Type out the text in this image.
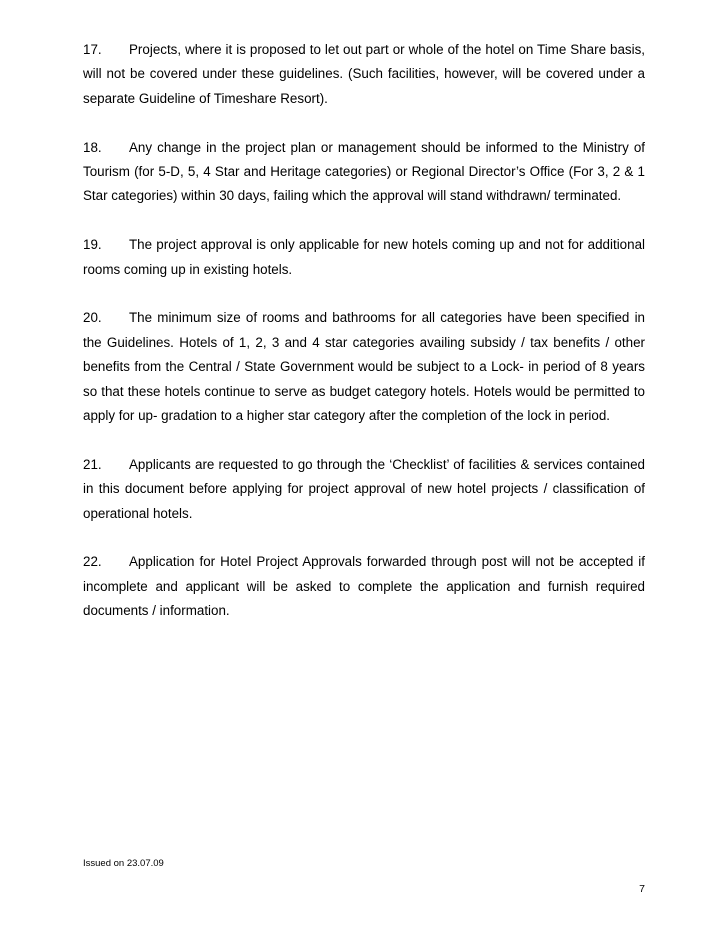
17. Projects, where it is proposed to let out part or whole of the hotel on Time Share basis, will not be covered under these guidelines. (Such facilities, however, will be covered under a separate Guideline of Timeshare Resort).

18. Any change in the project plan or management should be informed to the Ministry of Tourism (for 5-D, 5, 4 Star and Heritage categories) or Regional Director’s Office (For 3, 2 & 1 Star categories) within 30 days, failing which the approval will stand withdrawn/ terminated.

19. The project approval is only applicable for new hotels coming up and not for additional rooms coming up in existing hotels.

20. The minimum size of rooms and bathrooms for all categories have been specified in the Guidelines. Hotels of 1, 2, 3 and 4 star categories availing subsidy / tax benefits / other benefits from the Central / State Government would be subject to a Lock- in period of 8 years so that these hotels continue to serve as budget category hotels. Hotels would be permitted to apply for up- gradation to a higher star category after the completion of the lock in period.

21. Applicants are requested to go through the ‘Checklist’ of facilities & services contained in this document before applying for project approval of new hotel projects / classification of operational hotels.

22. Application for Hotel Project Approvals forwarded through post will not be accepted if incomplete and applicant will be asked to complete the application and furnish required documents / information.

Issued on 23.07.09
7
